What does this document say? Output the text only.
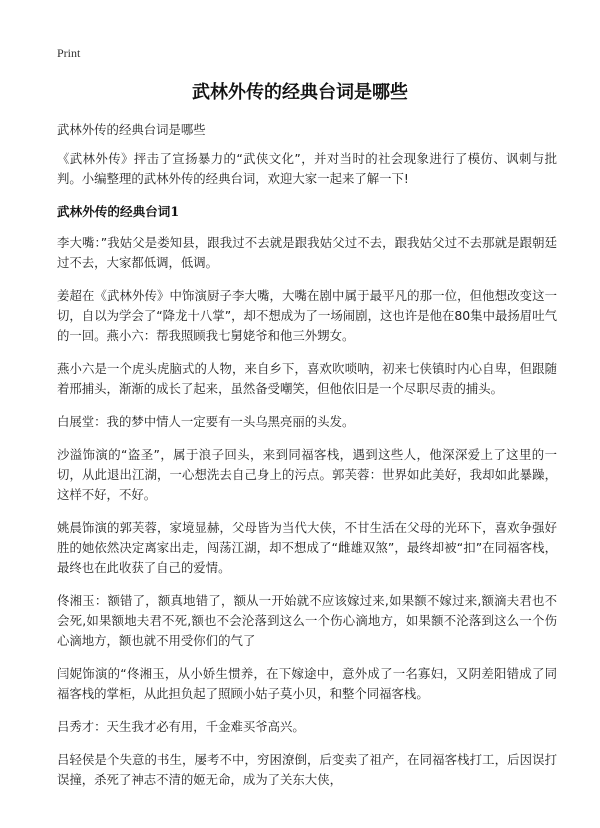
Print
武林外传的经典台词是哪些

武林外传的经典台词是哪些

《武林外传》抨击了宣扬暴力的“武侠文化”，并对当时的社会现象进行了模仿、讽刺与批判。小编整理的武林外传的经典台词，欢迎大家一起来了解一下!

武林外传的经典台词1

李大嘴：”我姑父是娄知县，跟我过不去就是跟我姑父过不去，跟我姑父过不去那就是跟朝廷过不去，大家都低调，低调。

姜超在《武林外传》中饰演厨子李大嘴，大嘴在剧中属于最平凡的那一位，但他想改变这一切，自以为学会了“降龙十八掌”，却不想成为了一场闹剧，这也许是他在80集中最扬眉吐气的一回。燕小六：帮我照顾我七舅姥爷和他三外甥女。

燕小六是一个虎头虎脑式的人物，来自乡下，喜欢吹唢呐，初来七侠镇时内心自卑，但跟随着邢捕头，渐渐的成长了起来，虽然备受嘲笑，但他依旧是一个尽职尽责的捕头。

白展堂：我的梦中情人一定要有一头乌黑亮丽的头发。

沙溢饰演的“盗圣”，属于浪子回头，来到同福客栈，遇到这些人，他深深爱上了这里的一切，从此退出江湖，一心想洗去自己身上的污点。郭芙蓉：世界如此美好，我却如此暴躁，这样不好，不好。

姚晨饰演的郭芙蓉，家境显赫，父母皆为当代大侠，不甘生活在父母的光环下，喜欢争强好胜的她依然决定离家出走，闯荡江湖，却不想成了“雌雄双煞”，最终却被“扣”在同福客栈，最终也在此收获了自己的爱情。

佟湘玉：额错了，额真地错了，额从一开始就不应该嫁过来,如果额不嫁过来,额滴夫君也不会死,如果额地夫君不死,额也不会沦落到这么一个伤心滴地方，如果额不沦落到这么一个伤心滴地方，额也就不用受你们的气了

闫妮饰演的“佟湘玉，从小娇生惯养，在下嫁途中，意外成了一名寡妇，又阴差阳错成了同福客栈的掌柜，从此担负起了照顾小姑子莫小贝，和整个同福客栈。

吕秀才：天生我才必有用，千金难买爷高兴。

吕轻侯是个失意的书生，屡考不中，穷困潦倒，后变卖了祖产，在同福客栈打工，后因误打误撞，杀死了神志不清的姬无命，成为了关东大侠，
